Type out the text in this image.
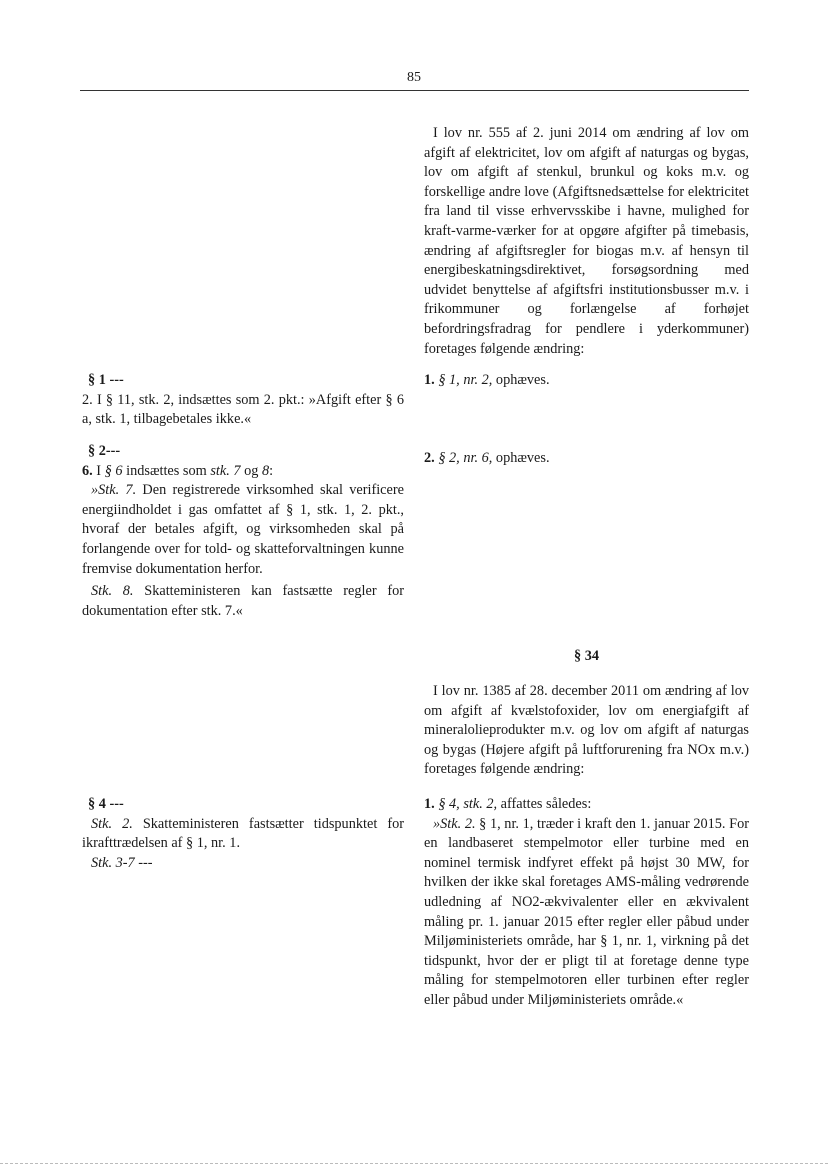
85

I lov nr. 555 af 2. juni 2014 om ændring af lov om afgift af elektricitet, lov om afgift af naturgas og bygas, lov om afgift af stenkul, brunkul og koks m.v. og forskellige andre love (Afgiftsnedsættelse for elektricitet fra land til visse erhvervsskibe i havne, mulighed for kraft-varme-værker for at opgøre afgifter på timebasis, ændring af afgiftsregler for biogas m.v. af hensyn til energibeskatningsdirektivet, forsøgsordning med udvidet benyttelse af afgiftsfri institutionsbusser m.v. i frikommuner og forlængelse af forhøjet befordringsfradrag for pendlere i yderkommuner) foretages følgende ændring:

§ 1 ---
2. I § 11, stk. 2, indsættes som 2. pkt.: »Afgift efter § 6 a, stk. 1, tilbagebetales ikke.«
1. § 1, nr. 2, ophæves.
§ 2---
6. I § 6 indsættes som stk. 7 og 8:

»Stk. 7. Den registrerede virksomhed skal verificere energiindholdet i gas omfattet af § 1, stk. 1, 2. pkt., hvoraf der betales afgift, og virksomheden skal på forlangende over for told- og skatteforvaltningen kunne fremvise dokumentation herfor.

Stk. 8. Skatteministeren kan fastsætte regler for dokumentation efter stk. 7.«

2. § 2, nr. 6, ophæves.
§ 34

I lov nr. 1385 af 28. december 2011 om ændring af lov om afgift af kvælstofoxider, lov om energiafgift af mineralolieprodukter m.v. og lov om afgift af naturgas og bygas (Højere afgift på luftforurening fra NOx m.v.) foretages følgende ændring:

§ 4 ---

Stk. 2. Skatteministeren fastsætter tidspunktet for ikrafttrædelsen af § 1, nr. 1.

Stk. 3-7 ---

1. § 4, stk. 2, affattes således:

»Stk. 2. § 1, nr. 1, træder i kraft den 1. januar 2015. For en landbaseret stempelmotor eller turbine med en nominel termisk indfyret effekt på højst 30 MW, for hvilken der ikke skal foretages AMS-måling vedrørende udledning af NO2-ækvivalenter eller en ækvivalent måling pr. 1. januar 2015 efter regler eller påbud under Miljøministeriets område, har § 1, nr. 1, virkning på det tidspunkt, hvor der er pligt til at foretage denne type måling for stempelmotoren eller turbinen efter regler eller påbud under Miljøministeriets område.«
